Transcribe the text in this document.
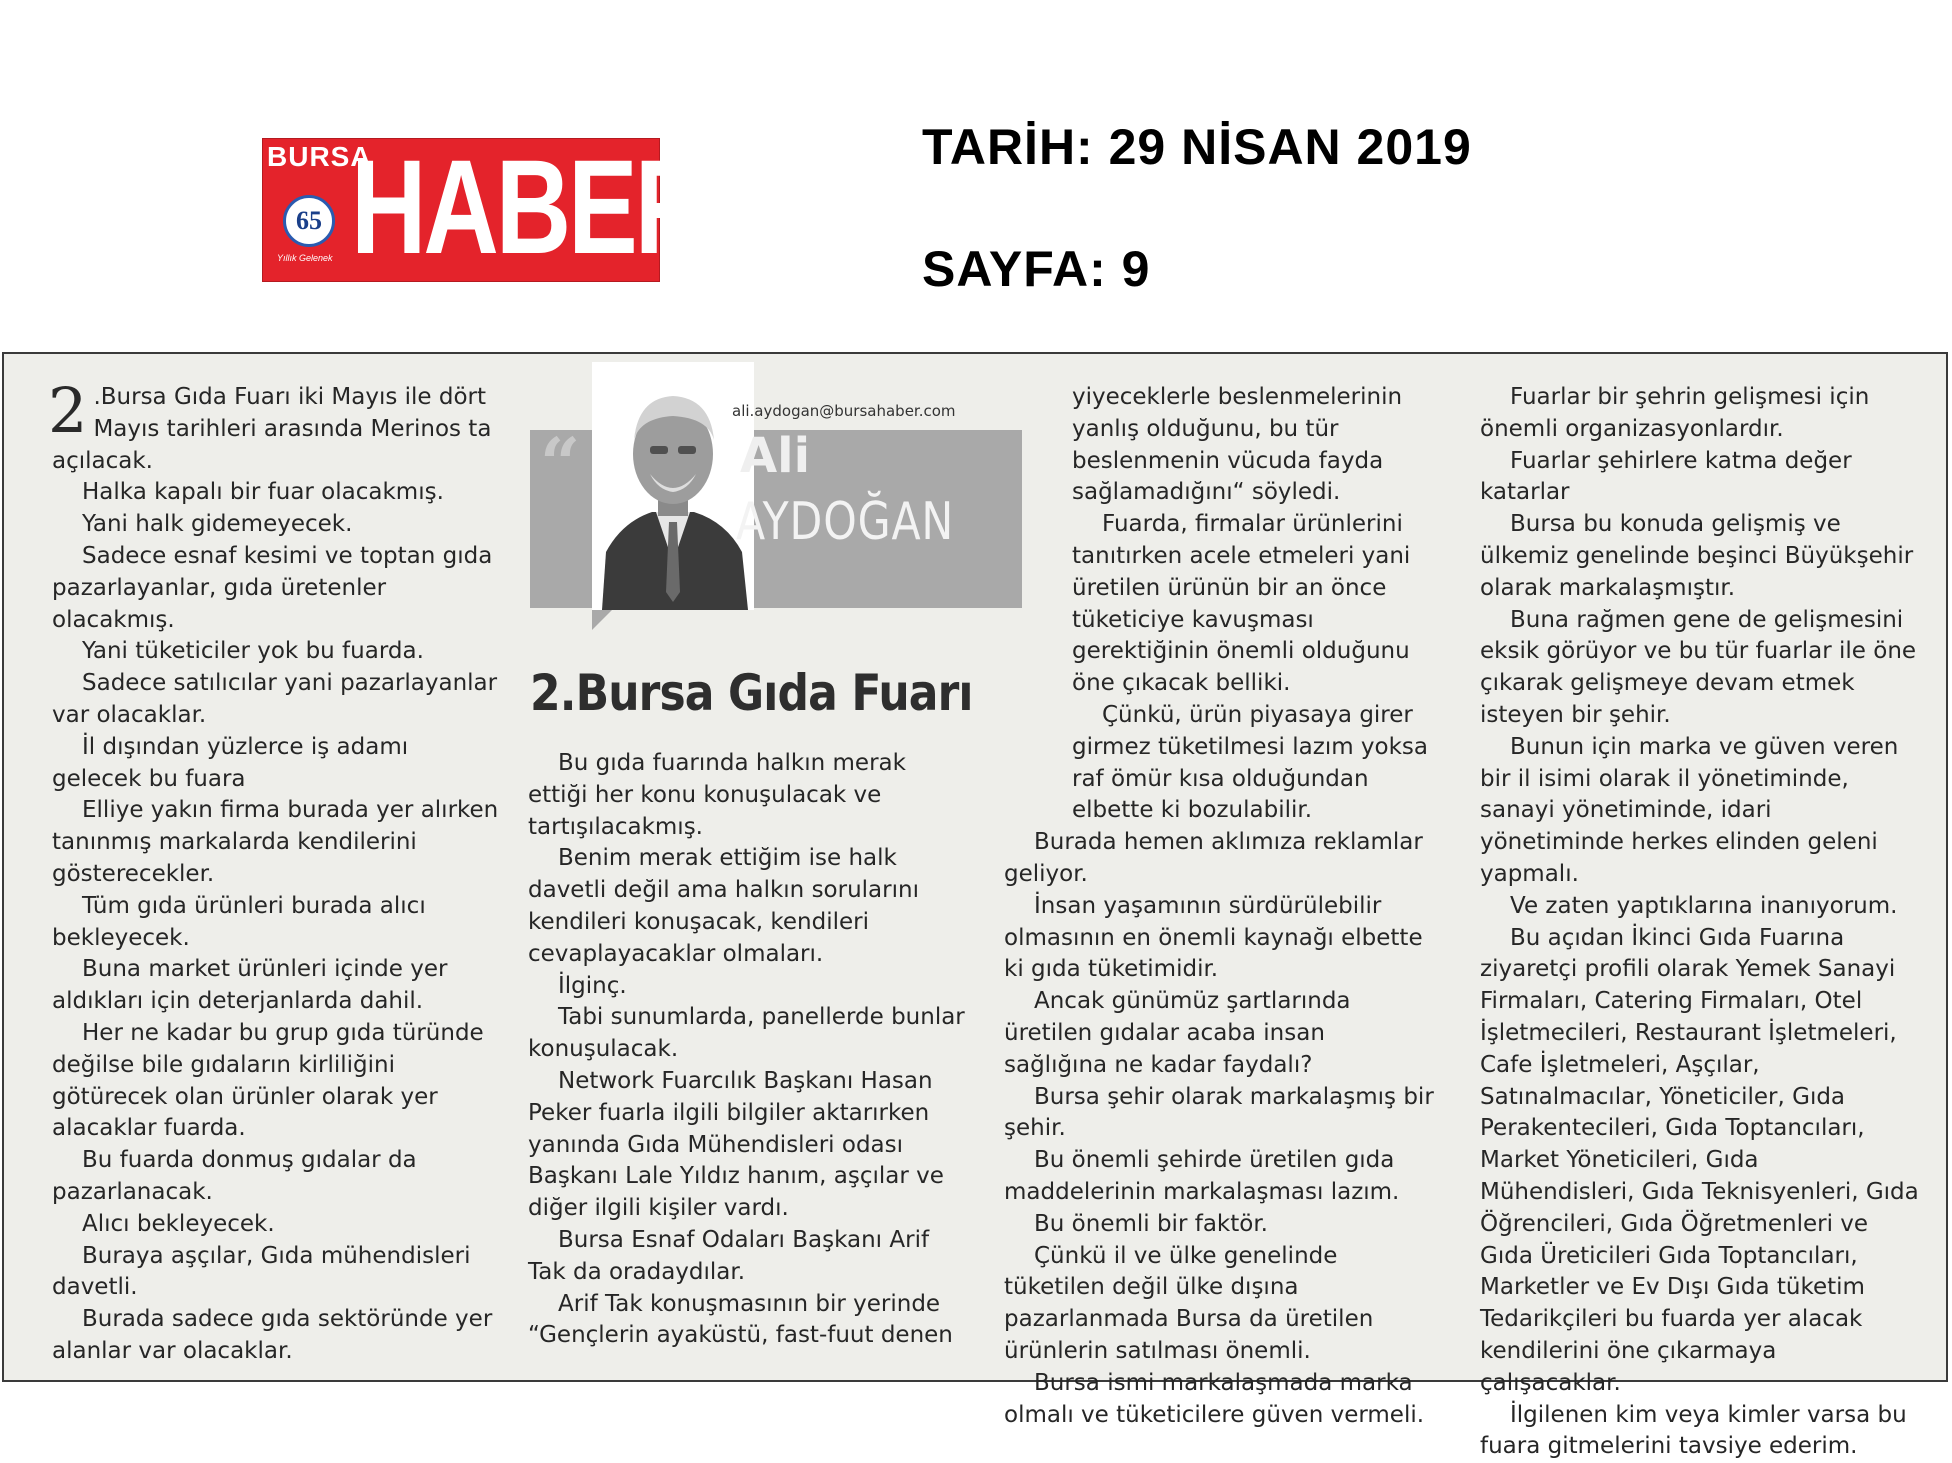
BURSA
65
Yıllık Gelenek HABER	TARİH: 29 NİSAN 2019
SAYFA: 9
2 .Bursa Gıda Fuarı iki Mayıs ile dört Mayıs tarihleri arasında Merinos ta açılacak.

Halka kapalı bir fuar olacakmış.

Yani halk gidemeyecek.

Sadece esnaf kesimi ve toptan gıda pazarlayanlar, gıda üretenler olacakmış.

Yani tüketiciler yok bu fuarda.

Sadece satılıcılar yani pazarlayanlar var olacaklar.

İl dışından yüzlerce iş adamı gelecek bu fuara

Elliye yakın firma burada yer alırken tanınmış markalarda kendilerini gösterecekler.

Tüm gıda ürünleri burada alıcı bekleyecek.

Buna market ürünleri içinde yer aldıkları için deterjanlarda dahil.

Her ne kadar bu grup gıda türünde değilse bile gıdaların kirliliğini götürecek olan ürünler olarak yer alacaklar fuarda.

Bu fuarda donmuş gıdalar da pazarlanacak.

Alıcı bekleyecek.

Buraya aşçılar, Gıda mühendisleri davetli.

Burada sadece gıda sektöründe yer alanlar var olacaklar.

“
ali.aydogan@bursahaber.com
Ali
AYDOĞAN
2.Bursa Gıda Fuarı

Bu gıda fuarında halkın merak ettiği her konu konuşulacak ve tartışılacakmış.

Benim merak ettiğim ise halk davetli değil ama halkın sorularını kendileri konuşacak, kendileri cevaplayacaklar olmaları.

İlginç.

Tabi sunumlarda, panellerde bunlar konuşulacak.

Network Fuarcılık Başkanı Hasan Peker fuarla ilgili bilgiler aktarırken yanında Gıda Mühendisleri odası Başkanı Lale Yıldız hanım, aşçılar ve diğer ilgili kişiler vardı.

Bursa Esnaf Odaları Başkanı Arif Tak da oradaydılar.

Arif Tak konuşmasının bir yerinde “Gençlerin ayaküstü, fast-fuut denen

yiyeceklerle beslenmelerinin yanlış olduğunu, bu tür beslenmenin vücuda fayda sağlamadığını“ söyledi.

Fuarda, firmalar ürünlerini tanıtırken acele etmeleri yani üretilen ürünün bir an önce tüketiciye kavuşması gerektiğinin önemli olduğunu öne çıkacak belliki.

Çünkü, ürün piyasaya girer girmez tüketilmesi lazım yoksa raf ömür kısa olduğundan elbette ki bozulabilir.

Burada hemen aklımıza reklamlar geliyor.

İnsan yaşamının sürdürülebilir olmasının en önemli kaynağı elbette ki gıda tüketimidir.

Ancak günümüz şartlarında üretilen gıdalar acaba insan sağlığına ne kadar faydalı?

Bursa şehir olarak markalaşmış bir şehir.

Bu önemli şehirde üretilen gıda maddelerinin markalaşması lazım.

Bu önemli bir faktör.

Çünkü il ve ülke genelinde tüketilen değil ülke dışına pazarlanmada Bursa da üretilen ürünlerin satılması önemli.

Bursa ismi markalaşmada marka olmalı ve tüketicilere güven vermeli.

Fuarlar bir şehrin gelişmesi için önemli organizasyonlardır.

Fuarlar şehirlere katma değer katarlar

Bursa bu konuda gelişmiş ve ülkemiz genelinde beşinci Büyükşehir olarak markalaşmıştır.

Buna rağmen gene de gelişmesini eksik görüyor ve bu tür fuarlar ile öne çıkarak gelişmeye devam etmek isteyen bir şehir.

Bunun için marka ve güven veren bir il isimi olarak il yönetiminde, sanayi yönetiminde, idari yönetiminde herkes elinden geleni yapmalı.

Ve zaten yaptıklarına inanıyorum.

Bu açıdan İkinci Gıda Fuarına ziyaretçi profili olarak Yemek Sanayi Firmaları, Catering Firmaları, Otel İşletmecileri, Restaurant İşletmeleri, Cafe İşletmeleri, Aşçılar, Satınalmacılar, Yöneticiler, Gıda Perakentecileri, Gıda Toptancıları, Market Yöneticileri, Gıda Mühendisleri, Gıda Teknisyenleri, Gıda Öğrencileri, Gıda Öğretmenleri ve Gıda Üreticileri Gıda Toptancıları, Marketler ve Ev Dışı Gıda tüketim Tedarikçileri bu fuarda yer alacak kendilerini öne çıkarmaya çalışacaklar.

İlgilenen kim veya kimler varsa bu fuara gitmelerini tavsiye ederim.
